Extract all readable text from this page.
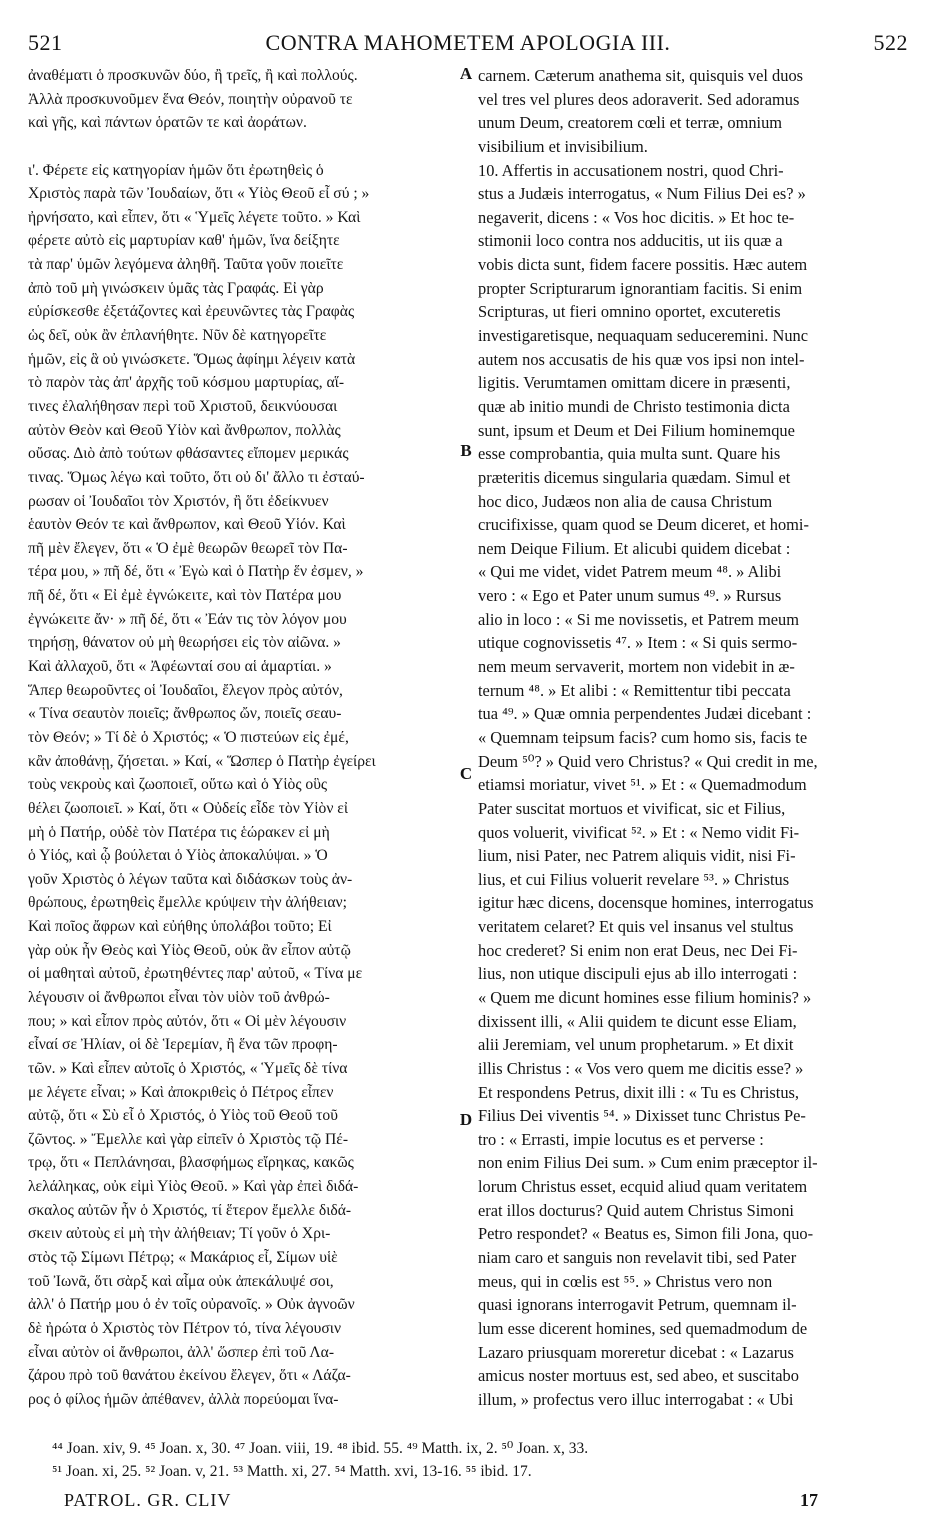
521	CONTRA MAHOMETEM APOLOGIA III.	522
ἀναθέματι ὁ προσκυνῶν δύο, ἢ τρεῖς, ἢ καὶ πολλούς.
Ἀλλὰ προσκυνοῦμεν ἕνα Θεόν, ποιητὴν οὐρανοῦ τε
καὶ γῆς, καὶ πάντων ὁρατῶν τε καὶ ἀοράτων.
ι'. Φέρετε εἰς κατηγορίαν ἡμῶν ὅτι ἐρωτηθεὶς ὁ
Χριστὸς παρὰ τῶν Ἰουδαίων, ὅτι « Υἱὸς Θεοῦ εἶ σύ ; »
ἠρνήσατο, καὶ εἶπεν, ὅτι « Ὑμεῖς λέγετε τοῦτο. » Καὶ
φέρετε αὐτὸ εἰς μαρτυρίαν καθ' ἡμῶν, ἵνα δείξητε
τὰ παρ' ὑμῶν λεγόμενα ἀληθῆ. Ταῦτα γοῦν ποιεῖτε
ἀπὸ τοῦ μὴ γινώσκειν ὑμᾶς τὰς Γραφάς. Εἰ γὰρ
εὑρίσκεσθε ἐξετάζοντες καὶ ἐρευνῶντες τὰς Γραφὰς
ὡς δεῖ, οὐκ ἂν ἐπλανήθητε. Νῦν δὲ κατηγορεῖτε
ἡμῶν, εἰς ἃ οὐ γινώσκετε. Ὅμως ἀφίημι λέγειν κατὰ
τὸ παρὸν τὰς ἀπ' ἀρχῆς τοῦ κόσμου μαρτυρίας, αἵ-
τινες ἐλαλήθησαν περὶ τοῦ Χριστοῦ, δεικνύουσαι
αὐτὸν Θεὸν καὶ Θεοῦ Υἱὸν καὶ ἄνθρωπον, πολλὰς
οὔσας. Διὸ ἀπὸ τούτων φθάσαντες εἴπομεν μερικάς
τινας. Ὅμως λέγω καὶ τοῦτο, ὅτι οὐ δι' ἄλλο τι ἐσταύ-
ρωσαν οἱ Ἰουδαῖοι τὸν Χριστόν, ἢ ὅτι ἐδείκνυεν
ἑαυτὸν Θεόν τε καὶ ἄνθρωπον, καὶ Θεοῦ Υἱόν. Καὶ
πῆ μὲν ἔλεγεν, ὅτι « Ὁ ἐμὲ θεωρῶν θεωρεῖ τὸν Πα-
τέρα μου, » πῆ δέ, ὅτι « Ἐγὼ καὶ ὁ Πατὴρ ἕν ἐσμεν, »
πῆ δέ, ὅτι « Εἰ ἐμὲ ἐγνώκειτε, καὶ τὸν Πατέρα μου
ἐγνώκειτε ἄν· » πῆ δέ, ὅτι « Ἐάν τις τὸν λόγον μου
τηρήσῃ, θάνατον οὐ μὴ θεωρήσει εἰς τὸν αἰῶνα. »
Καὶ ἀλλαχοῦ, ὅτι « Ἀφέωνταί σου αἱ ἁμαρτίαι. »
Ἅπερ θεωροῦντες οἱ Ἰουδαῖοι, ἔλεγον πρὸς αὐτόν,
« Τίνα σεαυτὸν ποιεῖς; ἄνθρωπος ὤν, ποιεῖς σεαυ-
τὸν Θεόν; » Τί δὲ ὁ Χριστός; « Ὁ πιστεύων εἰς ἐμέ,
κἂν ἀποθάνῃ, ζήσεται. » Καί, « Ὥσπερ ὁ Πατὴρ ἐγείρει
τοὺς νεκροὺς καὶ ζωοποιεῖ, οὕτω καὶ ὁ Υἱὸς οὓς
θέλει ζωοποιεῖ. » Καί, ὅτι « Οὐδείς εἶδε τὸν Υἱὸν εἰ
μὴ ὁ Πατήρ, οὐδὲ τὸν Πατέρα τις ἑώρακεν εἰ μὴ
ὁ Υἱός, καὶ ᾧ βούλεται ὁ Υἱὸς ἀποκαλύψαι. » Ὁ
γοῦν Χριστὸς ὁ λέγων ταῦτα καὶ διδάσκων τοὺς ἀν-
θρώπους, ἐρωτηθεὶς ἔμελλε κρύψειν τὴν ἀλήθειαν;
Καὶ ποῖος ἄφρων καὶ εὐήθης ὑπολάβοι τοῦτο; Εἰ
γὰρ οὐκ ἦν Θεὸς καὶ Υἱὸς Θεοῦ, οὐκ ἂν εἶπον αὐτῷ
οἱ μαθηταὶ αὐτοῦ, ἐρωτηθέντες παρ' αὐτοῦ, « Τίνα με
λέγουσιν οἱ ἄνθρωποι εἶναι τὸν υἱὸν τοῦ ἀνθρώ-
που; » καὶ εἶπον πρὸς αὐτόν, ὅτι « Οἱ μὲν λέγουσιν
εἶναί σε Ἠλίαν, οἱ δὲ Ἱερεμίαν, ἢ ἕνα τῶν προφη-
τῶν. » Καὶ εἶπεν αὐτοῖς ὁ Χριστός, « Ὑμεῖς δὲ τίνα
με λέγετε εἶναι; » Καὶ ἀποκριθεὶς ὁ Πέτρος εἶπεν
αὐτῷ, ὅτι « Σὺ εἶ ὁ Χριστός, ὁ Υἱὸς τοῦ Θεοῦ τοῦ
ζῶντος. » Ἔμελλε καὶ γὰρ εἰπεῖν ὁ Χριστὸς τῷ Πέ-
τρῳ, ὅτι « Πεπλάνησαι, βλασφήμως εἴρηκας, κακῶς
λελάληκας, οὐκ εἰμὶ Υἱὸς Θεοῦ. » Καὶ γὰρ ἐπεὶ διδά-
σκαλος αὐτῶν ἦν ὁ Χριστός, τί ἕτερον ἔμελλε διδά-
σκειν αὐτοὺς εἰ μὴ τὴν ἀλήθειαν; Τί γοῦν ὁ Χρι-
στὸς τῷ Σίμωνι Πέτρῳ; « Μακάριος εἶ, Σίμων υἱὲ
τοῦ Ἰωνᾶ, ὅτι σὰρξ καὶ αἷμα οὐκ ἀπεκάλυψέ σοι,
ἀλλ' ὁ Πατήρ μου ὁ ἐν τοῖς οὐρανοῖς. » Οὐκ ἀγνοῶν
δὲ ἠρώτα ὁ Χριστὸς τὸν Πέτρον τό, τίνα λέγουσιν
εἶναι αὐτὸν οἱ ἄνθρωποι, ἀλλ' ὥσπερ ἐπὶ τοῦ Λα-
ζάρου πρὸ τοῦ θανάτου ἐκείνου ἔλεγεν, ὅτι « Λάζα-
ρος ὁ φίλος ἡμῶν ἀπέθανεν, ἀλλὰ πορεύομαι ἵνα-
carnem. Cæterum anathema sit, quisquis vel duos
vel tres vel plures deos adoraverit. Sed adoramus
unum Deum, creatorem cœli et terræ, omnium
visibilium et invisibilium.
10. Affertis in accusationem nostri, quod Chri-
stus a Judæis interrogatus, « Num Filius Dei es? »
negaverit, dicens : « Vos hoc dicitis. » Et hoc te-
stimonii loco contra nos adducitis, ut iis quæ a
vobis dicta sunt, fidem facere possitis. Hæc autem
propter Scripturarum ignorantiam facitis. Si enim
Scripturas, ut fieri omnino oportet, excuteretis
investigaretisque, nequaquam seduceremini. Nunc
autem nos accusatis de his quæ vos ipsi non intel-
ligitis. Verumtamen omittam dicere in præsenti,
quæ ab initio mundi de Christo testimonia dicta
sunt, ipsum et Deum et Dei Filium hominemque
esse comprobantia, quia multa sunt. Quare his
præteritis dicemus singularia quædam. Simul et
hoc dico, Judæos non alia de causa Christum
crucifixisse, quam quod se Deum diceret, et homi-
nem Deique Filium. Et alicubi quidem dicebat :
« Qui me videt, videt Patrem meum ⁴⁸. » Alibi
vero : « Ego et Pater unum sumus ⁴⁹. » Rursus
alio in loco : « Si me novissetis, et Patrem meum
utique cognovissetis ⁴⁷. » Item : « Si quis sermo-
nem meum servaverit, mortem non videbit in æ-
ternum ⁴⁸. » Et alibi : « Remittentur tibi peccata
tua ⁴⁹. » Quæ omnia perpendentes Judæi dicebant :
« Quemnam teipsum facis? cum homo sis, facis te
Deum ⁵⁰? » Quid vero Christus? « Qui credit in me,
etiamsi moriatur, vivet ⁵¹. » Et : « Quemadmodum
Pater suscitat mortuos et vivificat, sic et Filius,
quos voluerit, vivificat ⁵². » Et : « Nemo vidit Fi-
lium, nisi Pater, nec Patrem aliquis vidit, nisi Fi-
lius, et cui Filius voluerit revelare ⁵³. » Christus
igitur hæc dicens, docensque homines, interrogatus
veritatem celaret? Et quis vel insanus vel stultus
hoc crederet? Si enim non erat Deus, nec Dei Fi-
lius, non utique discipuli ejus ab illo interrogati :
« Quem me dicunt homines esse filium hominis? »
dixissent illi, « Alii quidem te dicunt esse Eliam,
alii Jeremiam, vel unum prophetarum. » Et dixit
illis Christus : « Vos vero quem me dicitis esse? »
Et respondens Petrus, dixit illi : « Tu es Christus,
Filius Dei viventis ⁵⁴. » Dixisset tunc Christus Pe-
tro : « Errasti, impie locutus es et perverse :
non enim Filius Dei sum. » Cum enim præceptor il-
lorum Christus esset, ecquid aliud quam veritatem
erat illos docturus? Quid autem Christus Simoni
Petro respondet? « Beatus es, Simon fili Jona, quo-
niam caro et sanguis non revelavit tibi, sed Pater
meus, qui in cœlis est ⁵⁵. » Christus vero non
quasi ignorans interrogavit Petrum, quemnam il-
lum esse dicerent homines, sed quemadmodum de
Lazaro priusquam moreretur dicebat : « Lazarus
amicus noster mortuus est, sed abeo, et suscitabo
illum, » profectus vero illuc interrogabat : « Ubi
A
B
C
D
⁴⁴ Joan. xiv, 9. ⁴⁵ Joan. x, 30. ⁴⁷ Joan. viii, 19. ⁴⁸ ibid. 55. ⁴⁹ Matth. ix, 2. ⁵⁰ Joan. x, 33.
⁵¹ Joan. xi, 25. ⁵² Joan. v, 21. ⁵³ Matth. xi, 27. ⁵⁴ Matth. xvi, 13-16. ⁵⁵ ibid. 17.
PATROL. GR. CLIV	17
